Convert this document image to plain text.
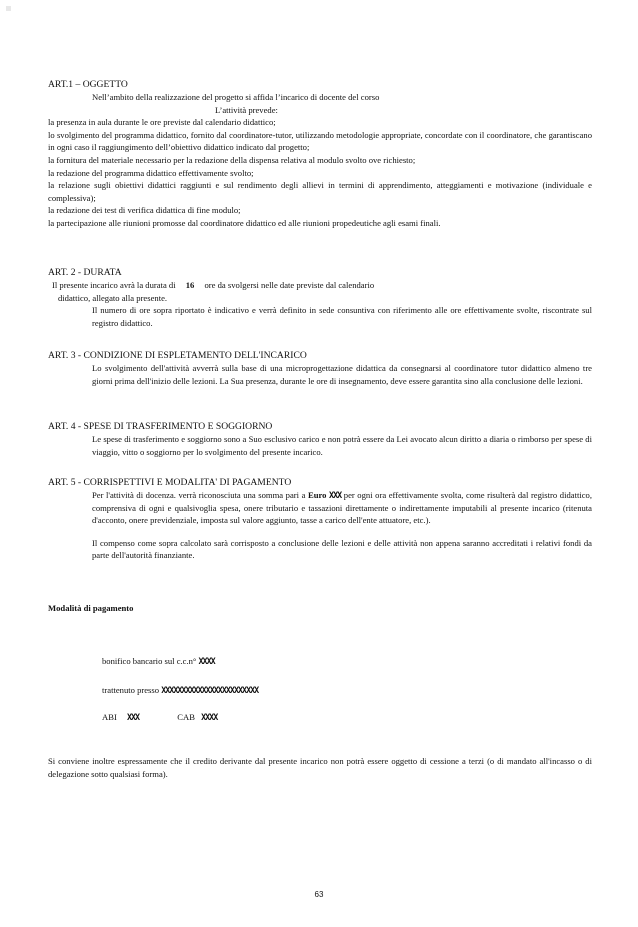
ART.1 – OGGETTO
Nell’ambito della realizzazione del progetto si affida l’incarico di docente del corso
L’attività prevede:
la presenza in aula durante le ore previste dal calendario didattico;
lo svolgimento del programma didattico, fornito dal coordinatore-tutor, utilizzando metodologie appropriate, concordate con il coordinatore, che garantiscano in ogni caso il raggiungimento dell’obiettivo didattico indicato dal progetto;
la fornitura del materiale necessario per la redazione della dispensa relativa al modulo svolto ove richiesto;
la redazione del programma didattico effettivamente svolto;
la relazione sugli obiettivi didattici raggiunti e sul rendimento degli allievi in termini di apprendimento, atteggiamenti e motivazione (individuale e complessiva);
la redazione dei test di verifica didattica di fine modulo;
la partecipazione alle riunioni promosse dal coordinatore didattico ed alle riunioni propedeutiche agli esami finali.
ART. 2 - DURATA
Il presente incarico avrà la durata di 16 ore da svolgersi nelle date previste dal calendario
didattico, allegato alla presente.
Il numero di ore sopra riportato è indicativo e verrà definito in sede consuntiva con riferimento alle ore effettivamente svolte, riscontrate sul registro didattico.
ART. 3 - CONDIZIONE DI ESPLETAMENTO DELL'INCARICO
Lo svolgimento dell'attività avverrà sulla base di una microprogettazione didattica da consegnarsi al coordinatore tutor didattico almeno tre giorni prima dell'inizio delle lezioni. La Sua presenza, durante le ore di insegnamento, deve essere garantita sino alla conclusione delle lezioni.
ART. 4 - SPESE DI TRASFERIMENTO E SOGGIORNO
Le spese di trasferimento e soggiorno sono a Suo esclusivo carico e non potrà essere da Lei avocato alcun diritto a diaria o rimborso per spese di viaggio, vitto o soggiorno per lo svolgimento del presente incarico.
ART. 5 - CORRISPETTIVI E MODALITA' DI PAGAMENTO
Per l'attività di docenza. verrà riconosciuta una somma pari a Euro XXX per ogni ora effettivamente svolta, come risulterà dal registro didattico, comprensiva di ogni e qualsivoglia spesa, onere tributario e tassazioni direttamente o indirettamente imputabili al presente incarico (ritenuta d'acconto, onere previdenziale, imposta sul valore aggiunto, tasse a carico dell'ente attuatore, etc.).
Il compenso come sopra calcolato sarà corrisposto a conclusione delle lezioni e delle attività non appena saranno accreditati i relativi fondi da parte dell'autorità finanziante.
Modalità di pagamento
bonifico bancario sul c.c.n° XXXX
trattenuto presso XXXXXXXXXXXXXXXXXXXXXXXX
ABI XXX	CAB XXXX
Si conviene inoltre espressamente che il credito derivante dal presente incarico non potrà essere oggetto di cessione a terzi (o di mandato all'incasso o di delegazione sotto qualsiasi forma).
63
